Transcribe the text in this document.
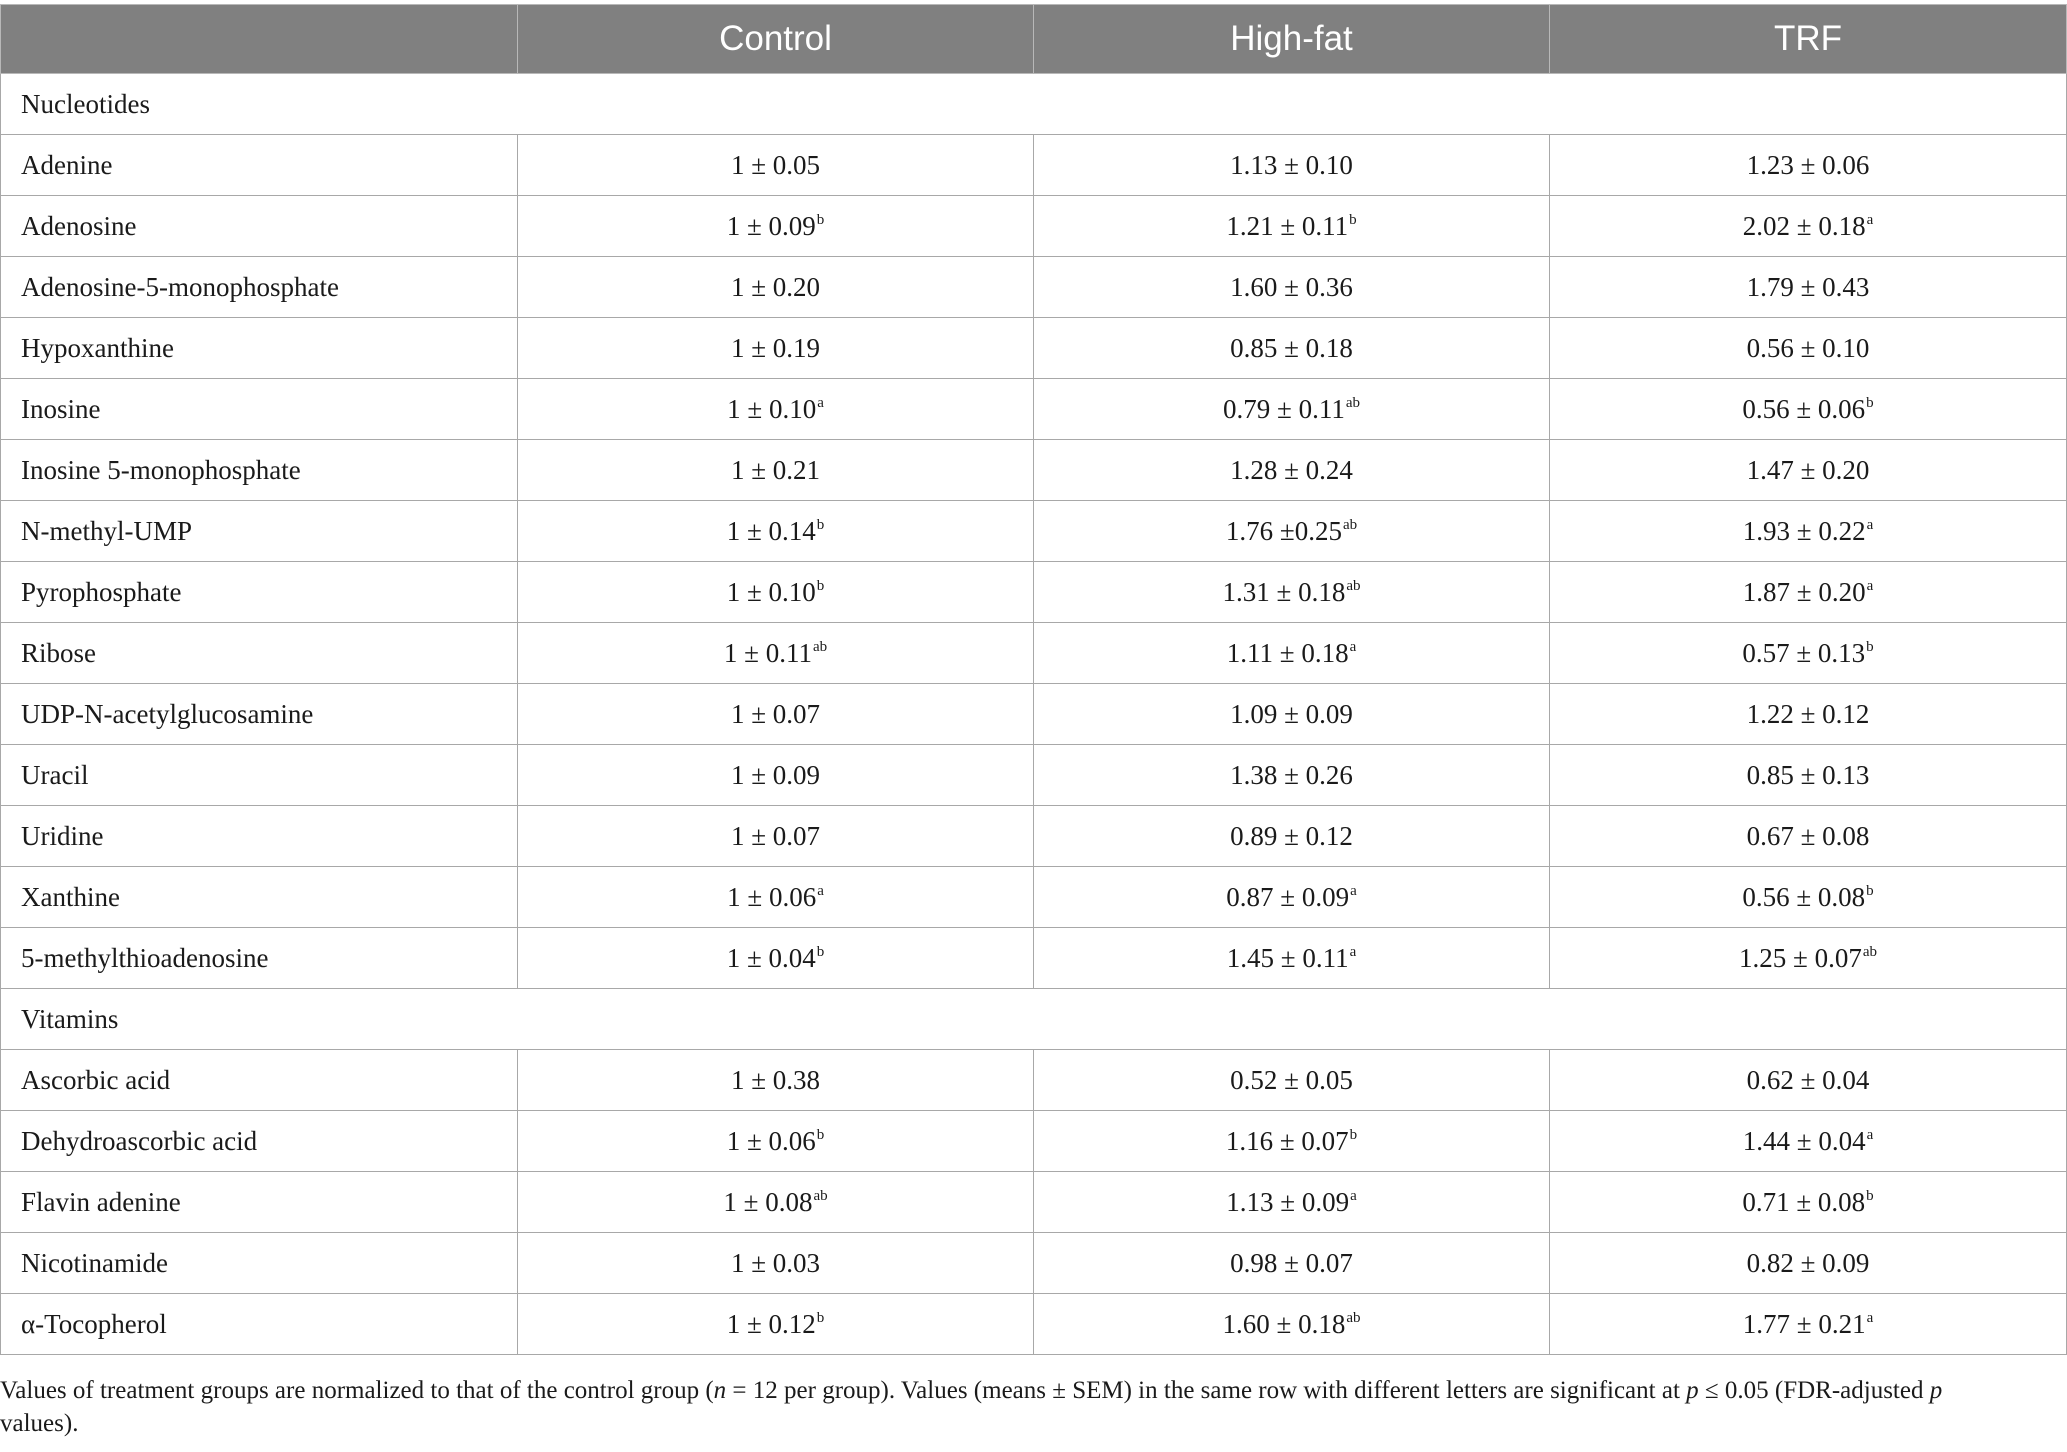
	Control	High-fat	TRF
Nucleotides			
Adenine	1 ± 0.05	1.13 ± 0.10	1.23 ± 0.06
Adenosine	1 ± 0.09$^b$	1.21 ± 0.11$^b$	2.02 ± 0.18$^a$
Adenosine-5-monophosphate	1 ± 0.20	1.60 ± 0.36	1.79 ± 0.43
Hypoxanthine	1 ± 0.19	0.85 ± 0.18	0.56 ± 0.10
Inosine	1 ± 0.10$^a$	0.79 ± 0.11$^{ab}$	0.56 ± 0.06$^b$
Inosine 5-monophosphate	1 ± 0.21	1.28 ± 0.24	1.47 ± 0.20
N-methyl-UMP	1 ± 0.14$^b$	1.76 ±0.25$^{ab}$	1.93 ± 0.22$^a$
Pyrophosphate	1 ± 0.10$^b$	1.31 ± 0.18$^{ab}$	1.87 ± 0.20$^a$
Ribose	1 ± 0.11$^{ab}$	1.11 ± 0.18$^a$	0.57 ± 0.13$^b$
UDP-N-acetylglucosamine	1 ± 0.07	1.09 ± 0.09	1.22 ± 0.12
Uracil	1 ± 0.09	1.38 ± 0.26	0.85 ± 0.13
Uridine	1 ± 0.07	0.89 ± 0.12	0.67 ± 0.08
Xanthine	1 ± 0.06$^a$	0.87 ± 0.09$^a$	0.56 ± 0.08$^b$
5-methylthioadenosine	1 ± 0.04$^b$	1.45 ± 0.11$^a$	1.25 ± 0.07$^{ab}$
Vitamins			
Ascorbic acid	1 ± 0.38	0.52 ± 0.05	0.62 ± 0.04
Dehydroascorbic acid	1 ± 0.06$^b$	1.16 ± 0.07$^b$	1.44 ± 0.04$^a$
Flavin adenine	1 ± 0.08$^{ab}$	1.13 ± 0.09$^a$	0.71 ± 0.08$^b$
Nicotinamide	1 ± 0.03	0.98 ± 0.07	0.82 ± 0.09
α-Tocopherol	1 ± 0.12$^b$	1.60 ± 0.18$^{ab}$	1.77 ± 0.21$^a$
Values of treatment groups are normalized to that of the control group (n = 12 per group). Values (means ± SEM) in the same row with different letters are significant at p ≤ 0.05 (FDR-adjusted p values).
